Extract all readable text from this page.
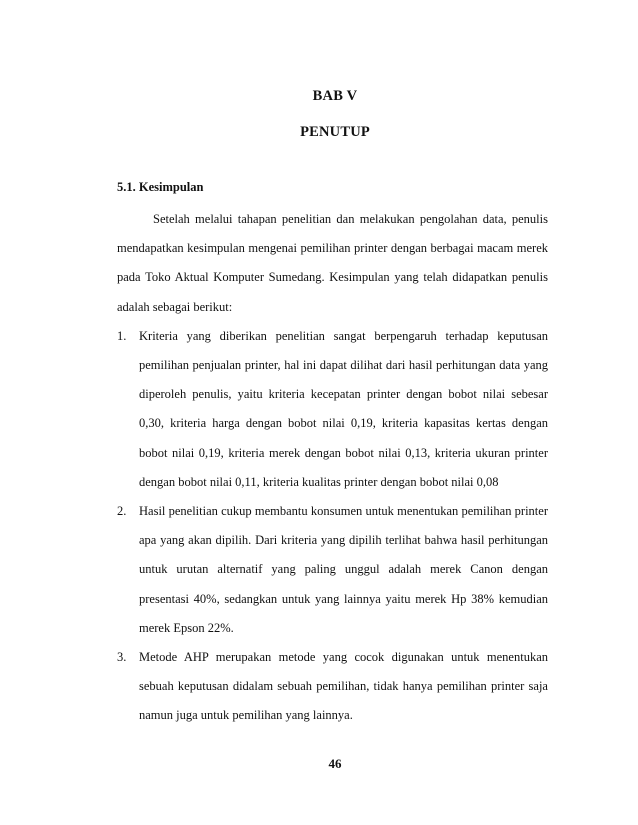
BAB V
PENUTUP
5.1. Kesimpulan

Setelah melalui tahapan penelitian dan melakukan pengolahan data, penulis mendapatkan kesimpulan mengenai pemilihan printer dengan berbagai macam merek pada Toko Aktual Komputer Sumedang. Kesimpulan yang telah didapatkan penulis adalah sebagai berikut:

1. Kriteria yang diberikan penelitian sangat berpengaruh terhadap keputusan pemilihan penjualan printer, hal ini dapat dilihat dari hasil perhitungan data yang diperoleh penulis, yaitu kriteria kecepatan printer dengan bobot nilai sebesar 0,30, kriteria harga dengan bobot nilai 0,19, kriteria kapasitas kertas dengan bobot nilai 0,19, kriteria merek dengan bobot nilai 0,13, kriteria ukuran printer dengan bobot nilai 0,11, kriteria kualitas printer dengan bobot nilai 0,08
2. Hasil penelitian cukup membantu konsumen untuk menentukan pemilihan printer apa yang akan dipilih. Dari kriteria yang dipilih terlihat bahwa hasil perhitungan untuk urutan alternatif yang paling unggul adalah merek Canon dengan presentasi 40%, sedangkan untuk yang lainnya yaitu merek Hp 38% kemudian merek Epson 22%.
3. Metode AHP merupakan metode yang cocok digunakan untuk menentukan sebuah keputusan didalam sebuah pemilihan, tidak hanya pemilihan printer saja namun juga untuk pemilihan yang lainnya.

46
